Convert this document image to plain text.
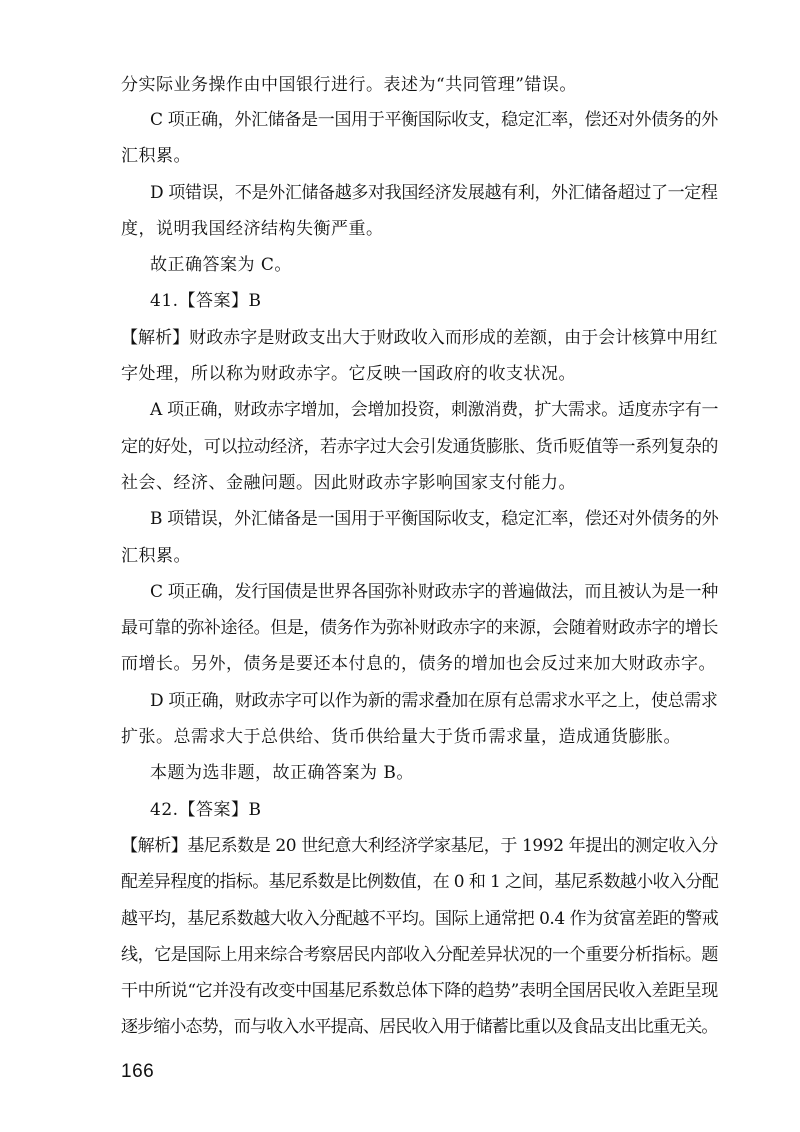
分实际业务操作由中国银行进行。表述为“共同管理”错误。
C 项正确，外汇储备是一国用于平衡国际收支，稳定汇率，偿还对外债务的外
汇积累。
D 项错误，不是外汇储备越多对我国经济发展越有利，外汇储备超过了一定程
度，说明我国经济结构失衡严重。
故正确答案为 C。
41.【答案】B
【解析】财政赤字是财政支出大于财政收入而形成的差额，由于会计核算中用红
字处理，所以称为财政赤字。它反映一国政府的收支状况。
A 项正确，财政赤字增加，会增加投资，刺激消费，扩大需求。适度赤字有一
定的好处，可以拉动经济，若赤字过大会引发通货膨胀、货币贬值等一系列复杂的
社会、经济、金融问题。因此财政赤字影响国家支付能力。
B 项错误，外汇储备是一国用于平衡国际收支，稳定汇率，偿还对外债务的外
汇积累。
C 项正确，发行国债是世界各国弥补财政赤字的普遍做法，而且被认为是一种
最可靠的弥补途径。但是，债务作为弥补财政赤字的来源，会随着财政赤字的增长
而增长。另外，债务是要还本付息的，债务的增加也会反过来加大财政赤字。
D 项正确，财政赤字可以作为新的需求叠加在原有总需求水平之上，使总需求
扩张。总需求大于总供给、货币供给量大于货币需求量，造成通货膨胀。
本题为选非题，故正确答案为 B。
42.【答案】B
【解析】基尼系数是 20 世纪意大利经济学家基尼，于 1992 年提出的测定收入分
配差异程度的指标。基尼系数是比例数值，在 0 和 1 之间，基尼系数越小收入分配
越平均，基尼系数越大收入分配越不平均。国际上通常把 0.4 作为贫富差距的警戒
线，它是国际上用来综合考察居民内部收入分配差异状况的一个重要分析指标。题
干中所说“它并没有改变中国基尼系数总体下降的趋势”表明全国居民收入差距呈现
逐步缩小态势，而与收入水平提高、居民收入用于储蓄比重以及食品支出比重无关。
166
